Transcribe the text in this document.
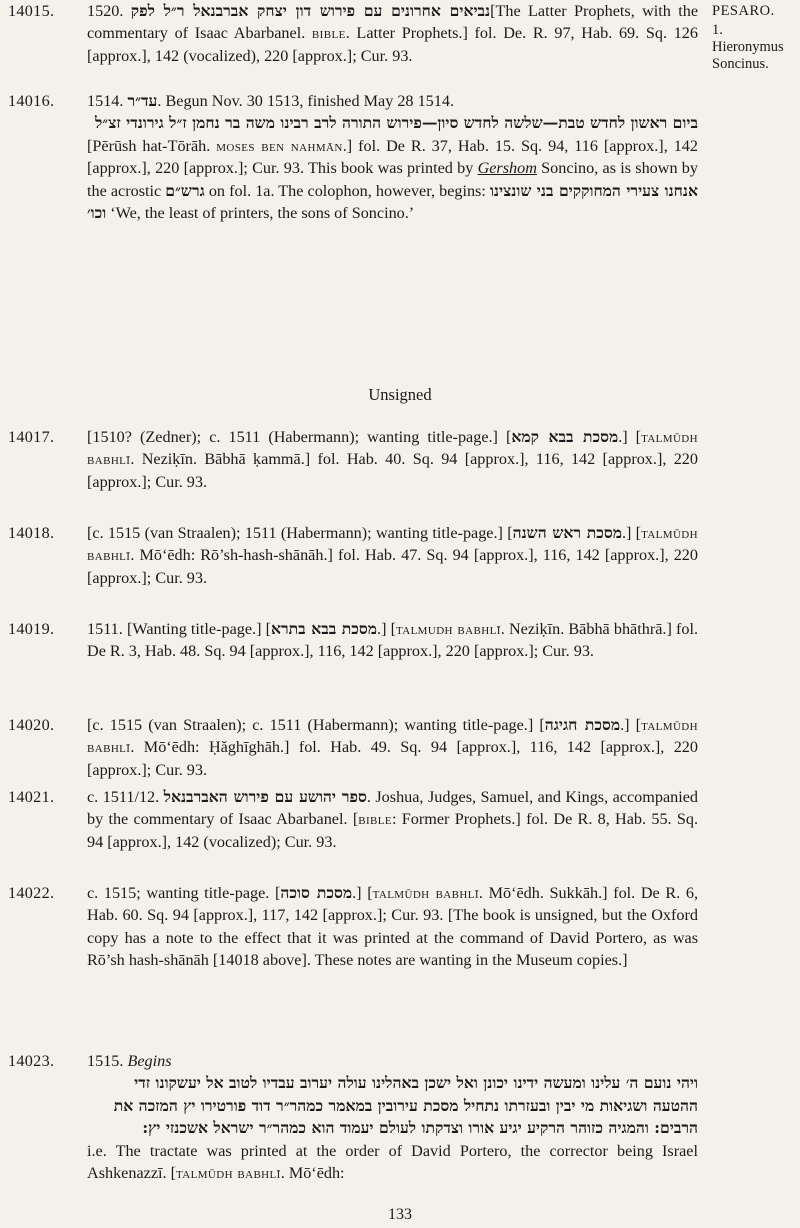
PESARO.
1. Hieronymus Soncinus.
14015.	1520. נביאים אחרונים עם פירוש דון יצחק אברבנאל ר״ל לפק[The Latter Prophets, with the commentary of Isaac Abarbanel. bible. Latter Prophets.] fol. De. R. 97, Hab. 69. Sq. 126 [approx.], 142 (vocalized), 220 [approx.]; Cur. 93.
14016.	1514. עד״ר. Begun Nov. 30 1513, finished May 28 1514.
ביום ראשון לחדש טבת—שלשה לחדש סיון—פירוש התורה לרב רבינו משה בר נחמן ז״ל גירונדי זצ״ל
[Pērūsh hat-Tōrāh. moses ben nahmān.] fol. De R. 37, Hab. 15. Sq. 94, 116 [approx.], 142 [approx.], 220 [approx.]; Cur. 93. This book was printed by Gershom Soncino, as is shown by the acrostic גרש״ם on fol. 1a. The colophon, however, begins: אנחנו צעירי המחוקקים בני שונצינו וכו׳ ‘We, the least of printers, the sons of Soncino.’
Unsigned
14017.	[1510? (Zedner); c. 1511 (Habermann); wanting title-page.] [מסכת בבא קמא.] [talmūdh babhlī. Neziḳīn. Bābhā ḳammā.] fol. Hab. 40. Sq. 94 [approx.], 116, 142 [approx.], 220 [approx.]; Cur. 93.
14018.	[c. 1515 (van Straalen); 1511 (Habermann); wanting title-page.] [מסכת ראש השנה.] [talmūdh babhlī. Mō‘ēdh: Rō’sh-hash-shānāh.] fol. Hab. 47. Sq. 94 [approx.], 116, 142 [approx.], 220 [approx.]; Cur. 93.
14019.	1511. [Wanting title-page.] [מסכת בבא בתרא.] [talmudh babhlī. Neziḳīn. Bābhā bhāthrā.] fol. De R. 3, Hab. 48. Sq. 94 [approx.], 116, 142 [approx.], 220 [approx.]; Cur. 93.
14020.	[c. 1515 (van Straalen); c. 1511 (Habermann); wanting title-page.] [מסכת חגיגה.] [talmūdh babhlī. Mō‘ēdh: Ḥăghīghāh.] fol. Hab. 49. Sq. 94 [approx.], 116, 142 [approx.], 220 [approx.]; Cur. 93.
14021.	c. 1511/12. ספר יהושע עם פירוש האברבנאל. Joshua, Judges, Samuel, and Kings, accompanied by the commentary of Isaac Abarbanel. [bible: Former Prophets.] fol. De R. 8, Hab. 55. Sq. 94 [approx.], 142 (vocalized); Cur. 93.
14022.	c. 1515; wanting title-page. [מסכת סוכה.] [talmūdh babhlī. Mō‘ēdh. Sukkāh.] fol. De R. 6, Hab. 60. Sq. 94 [approx.], 117, 142 [approx.]; Cur. 93. [The book is unsigned, but the Oxford copy has a note to the effect that it was printed at the command of David Portero, as was Rō’sh hash-shānāh [14018 above]. These notes are wanting in the Museum copies.]
14023.	1515. Begins
ויהי נועם ה׳ עלינו ומעשה ידינו יכונן ואל ישכן באהלינו עולה יערוב עבדיו לטוב אל יעשקונו זדי ההטעה ושגיאות מי יבין ובעזרתו נתחיל מסכת עירובין במאמר כמהר״ר דוד פורטירו יץ המזכה את הרבים: והמגיה כזוהר הרקיע יגיע אורו וצדקתו לעולם יעמוד הוא כמהר״ר ישראל אשכנזי יץ:
i.e. The tractate was printed at the order of David Portero, the corrector being Israel Ashkenazzī. [talmūdh babhlī. Mō‘ēdh:
133
